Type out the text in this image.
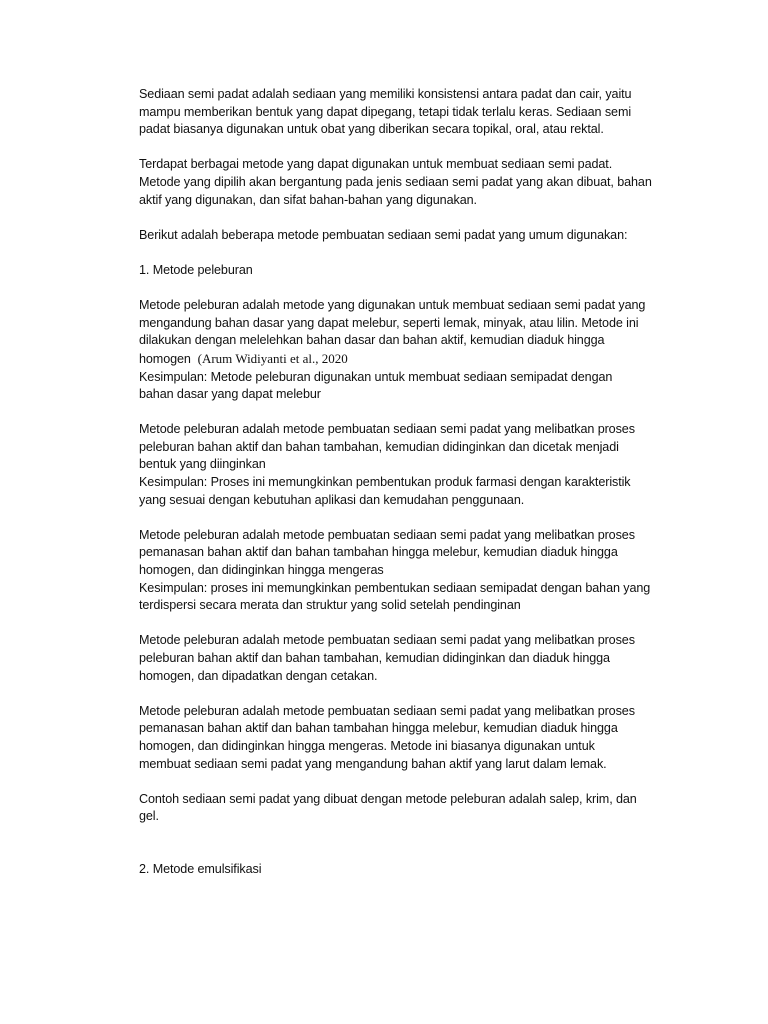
Sediaan semi padat adalah sediaan yang memiliki konsistensi antara padat dan cair, yaitu
mampu memberikan bentuk yang dapat dipegang, tetapi tidak terlalu keras. Sediaan semi
padat biasanya digunakan untuk obat yang diberikan secara topikal, oral, atau rektal.
Terdapat berbagai metode yang dapat digunakan untuk membuat sediaan semi padat.
Metode yang dipilih akan bergantung pada jenis sediaan semi padat yang akan dibuat, bahan
aktif yang digunakan, dan sifat bahan-bahan yang digunakan.
Berikut adalah beberapa metode pembuatan sediaan semi padat yang umum digunakan:
1. Metode peleburan
Metode peleburan adalah metode yang digunakan untuk membuat sediaan semi padat yang
mengandung bahan dasar yang dapat melebur, seperti lemak, minyak, atau lilin. Metode ini
dilakukan dengan melelehkan bahan dasar dan bahan aktif, kemudian diaduk hingga
homogen (Arum Widiyanti et al., 2020
Kesimpulan: Metode peleburan digunakan untuk membuat sediaan semipadat dengan
bahan dasar yang dapat melebur
Metode peleburan adalah metode pembuatan sediaan semi padat yang melibatkan proses
peleburan bahan aktif dan bahan tambahan, kemudian didinginkan dan dicetak menjadi
bentuk yang diinginkan
Kesimpulan: Proses ini memungkinkan pembentukan produk farmasi dengan karakteristik
yang sesuai dengan kebutuhan aplikasi dan kemudahan penggunaan.
Metode peleburan adalah metode pembuatan sediaan semi padat yang melibatkan proses
pemanasan bahan aktif dan bahan tambahan hingga melebur, kemudian diaduk hingga
homogen, dan didinginkan hingga mengeras
Kesimpulan: proses ini memungkinkan pembentukan sediaan semipadat dengan bahan yang
terdispersi secara merata dan struktur yang solid setelah pendinginan
Metode peleburan adalah metode pembuatan sediaan semi padat yang melibatkan proses
peleburan bahan aktif dan bahan tambahan, kemudian didinginkan dan diaduk hingga
homogen, dan dipadatkan dengan cetakan.
Metode peleburan adalah metode pembuatan sediaan semi padat yang melibatkan proses
pemanasan bahan aktif dan bahan tambahan hingga melebur, kemudian diaduk hingga
homogen, dan didinginkan hingga mengeras. Metode ini biasanya digunakan untuk
membuat sediaan semi padat yang mengandung bahan aktif yang larut dalam lemak.
Contoh sediaan semi padat yang dibuat dengan metode peleburan adalah salep, krim, dan
gel.
2. Metode emulsifikasi
